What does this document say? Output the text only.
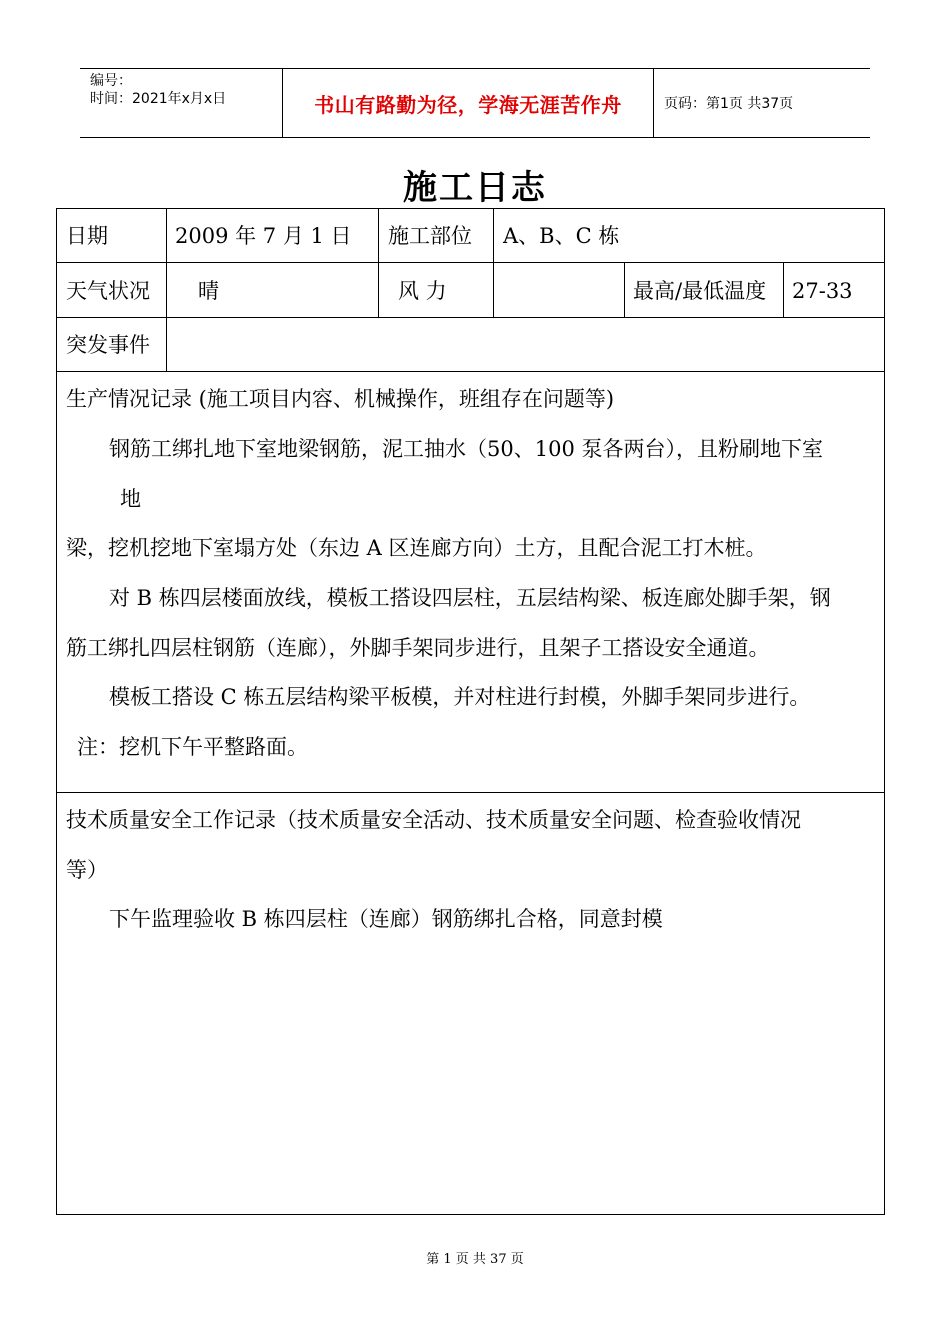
编号：
时间：2021年x月x日	书山有路勤为径，学海无涯苦作舟	页码：第1页 共37页
施工日志
日期	2009 年 7 月 1 日 施工部位 A、B、C 栋
天气状况 晴	风 力	最高/最低温度 27-33
突发事件
生产情况记录 (施工项目内容、机械操作，班组存在问题等)
钢筋工绑扎地下室地梁钢筋，泥工抽水（50、100 泵各两台），且粉刷地下室
地
梁，挖机挖地下室塌方处（东边 A 区连廊方向）土方，且配合泥工打木桩。
对 B 栋四层楼面放线，模板工搭设四层柱，五层结构梁、板连廊处脚手架，钢
筋工绑扎四层柱钢筋（连廊），外脚手架同步进行，且架子工搭设安全通道。
模板工搭设 C 栋五层结构梁平板模，并对柱进行封模，外脚手架同步进行。
注：挖机下午平整路面。
技术质量安全工作记录（技术质量安全活动、技术质量安全问题、检查验收情况
等）
下午监理验收 B 栋四层柱（连廊）钢筋绑扎合格，同意封模
第 1 页 共 37 页
